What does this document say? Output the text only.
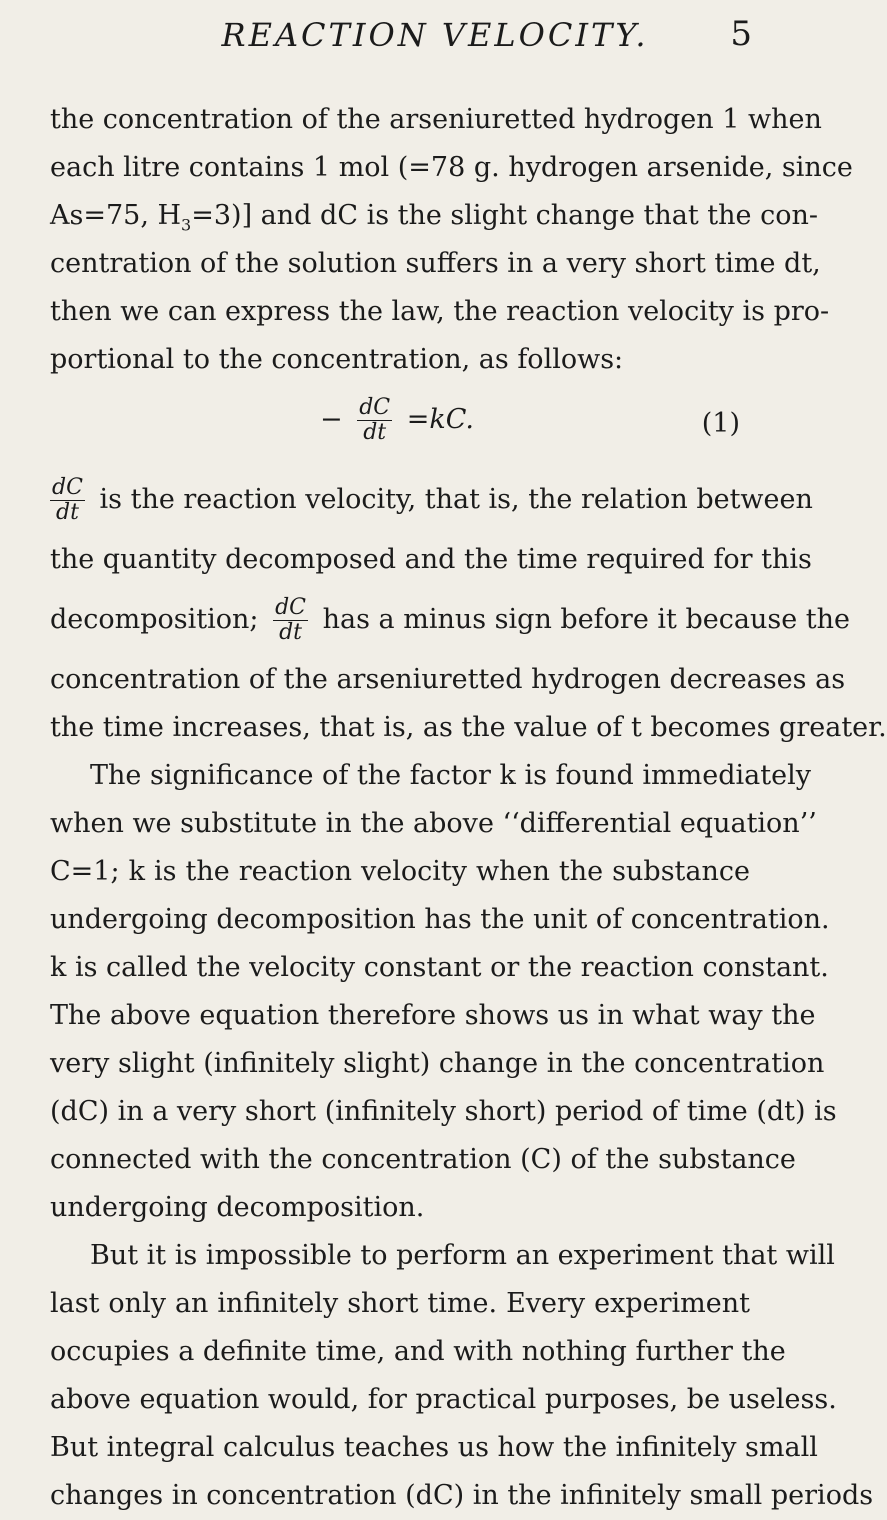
REACTION VELOCITY.	5
the concentration of the arseniuretted hydrogen 1 when
each litre contains 1 mol (=78 g. hydrogen arsenide, since
As=75, $H_3=3$)] and dC is the slight change that the con-
centration of the solution suffers in a very short time dt,
then we can express the law, the reaction velocity is pro-
portional to the concentration, as follows:
− $\frac{dC}{dt} =kC$.	(1)
$\frac{dC}{dt}$ is the reaction velocity, that is, the relation between
the quantity decomposed and the time required for this
decomposition; $\frac{dC}{dt}$ has a minus sign before it because the
concentration of the arseniuretted hydrogen decreases as
the time increases, that is, as the value of t becomes greater.
The significance of the factor k is found immediately
when we substitute in the above ‘‘differential equation’’
C=1; k is the reaction velocity when the substance
undergoing decomposition has the unit of concentration.
k is called the velocity constant or the reaction constant.
The above equation therefore shows us in what way the
very slight (infinitely slight) change in the concentration
(dC) in a very short (infinitely short) period of time (dt) is
connected with the concentration (C) of the substance
undergoing decomposition.
But it is impossible to perform an experiment that will
last only an infinitely short time. Every experiment
occupies a definite time, and with nothing further the
above equation would, for practical purposes, be useless.
But integral calculus teaches us how the infinitely small
changes in concentration (dC) in the infinitely small periods
